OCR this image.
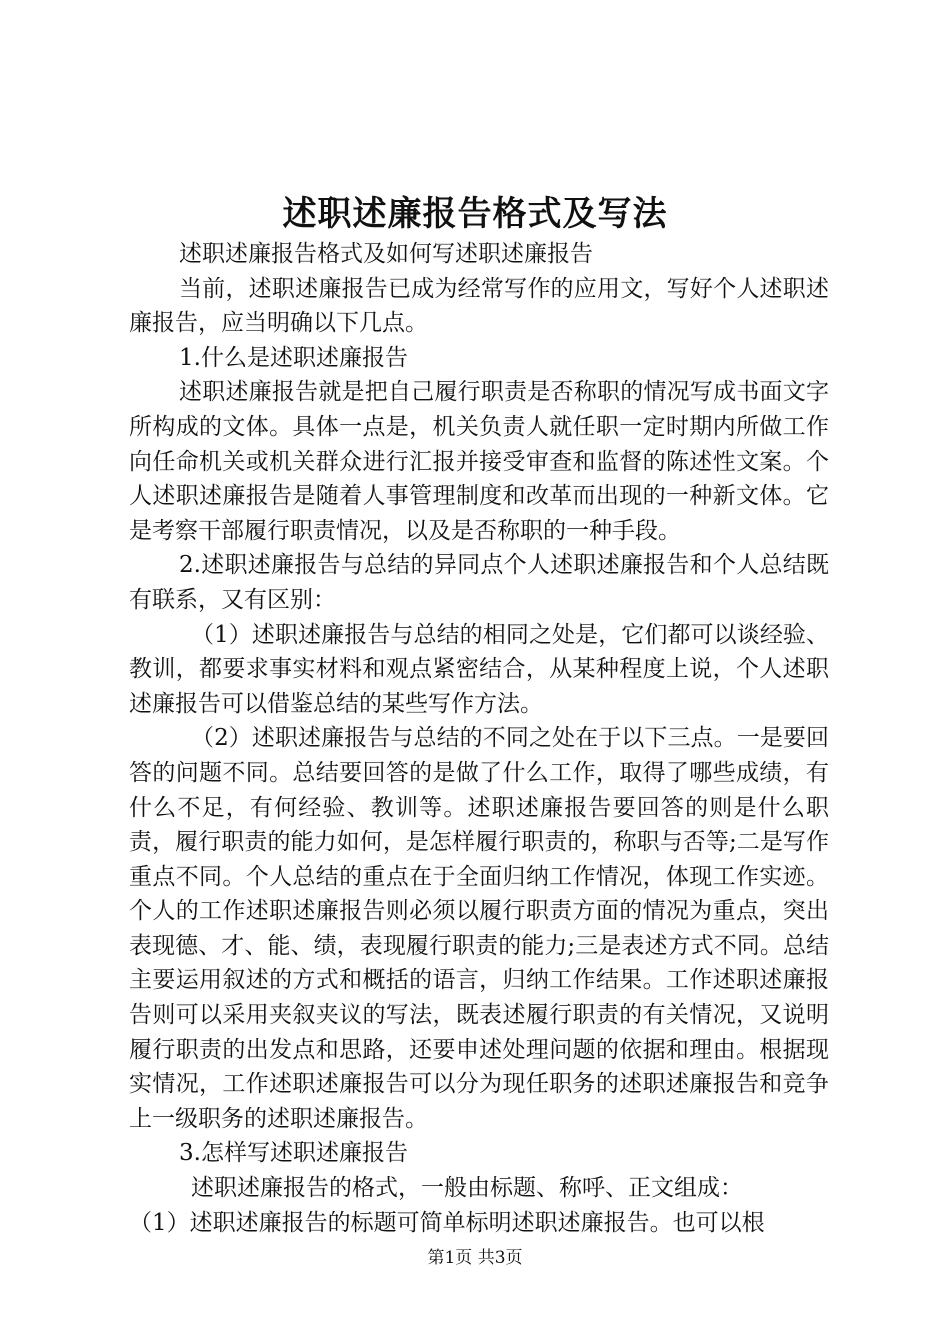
述职述廉报告格式及写法

述职述廉报告格式及如何写述职述廉报告

当前，述职述廉报告已成为经常写作的应用文，写好个人述职述廉报告，应当明确以下几点。

1.什么是述职述廉报告

述职述廉报告就是把自己履行职责是否称职的情况写成书面文字所构成的文体。具体一点是，机关负责人就任职一定时期内所做工作向任命机关或机关群众进行汇报并接受审查和监督的陈述性文案。个人述职述廉报告是随着人事管理制度和改革而出现的一种新文体。它是考察干部履行职责情况，以及是否称职的一种手段。

2.述职述廉报告与总结的异同点个人述职述廉报告和个人总结既有联系，又有区别：

（1）述职述廉报告与总结的相同之处是，它们都可以谈经验、教训，都要求事实材料和观点紧密结合，从某种程度上说，个人述职述廉报告可以借鉴总结的某些写作方法。

（2）述职述廉报告与总结的不同之处在于以下三点。一是要回答的问题不同。总结要回答的是做了什么工作，取得了哪些成绩，有什么不足，有何经验、教训等。述职述廉报告要回答的则是什么职责，履行职责的能力如何，是怎样履行职责的，称职与否等;二是写作重点不同。个人总结的重点在于全面归纳工作情况，体现工作实迹。个人的工作述职述廉报告则必须以履行职责方面的情况为重点，突出表现德、才、能、绩，表现履行职责的能力;三是表述方式不同。总结主要运用叙述的方式和概括的语言，归纳工作结果。工作述职述廉报告则可以采用夹叙夹议的写法，既表述履行职责的有关情况，又说明履行职责的出发点和思路，还要申述处理问题的依据和理由。根据现实情况，工作述职述廉报告可以分为现任职务的述职述廉报告和竞争上一级职务的述职述廉报告。

3.怎样写述职述廉报告

述职述廉报告的格式，一般由标题、称呼、正文组成：

（1）述职述廉报告的标题可简单标明述职述廉报告。也可以根

第1页 共3页
